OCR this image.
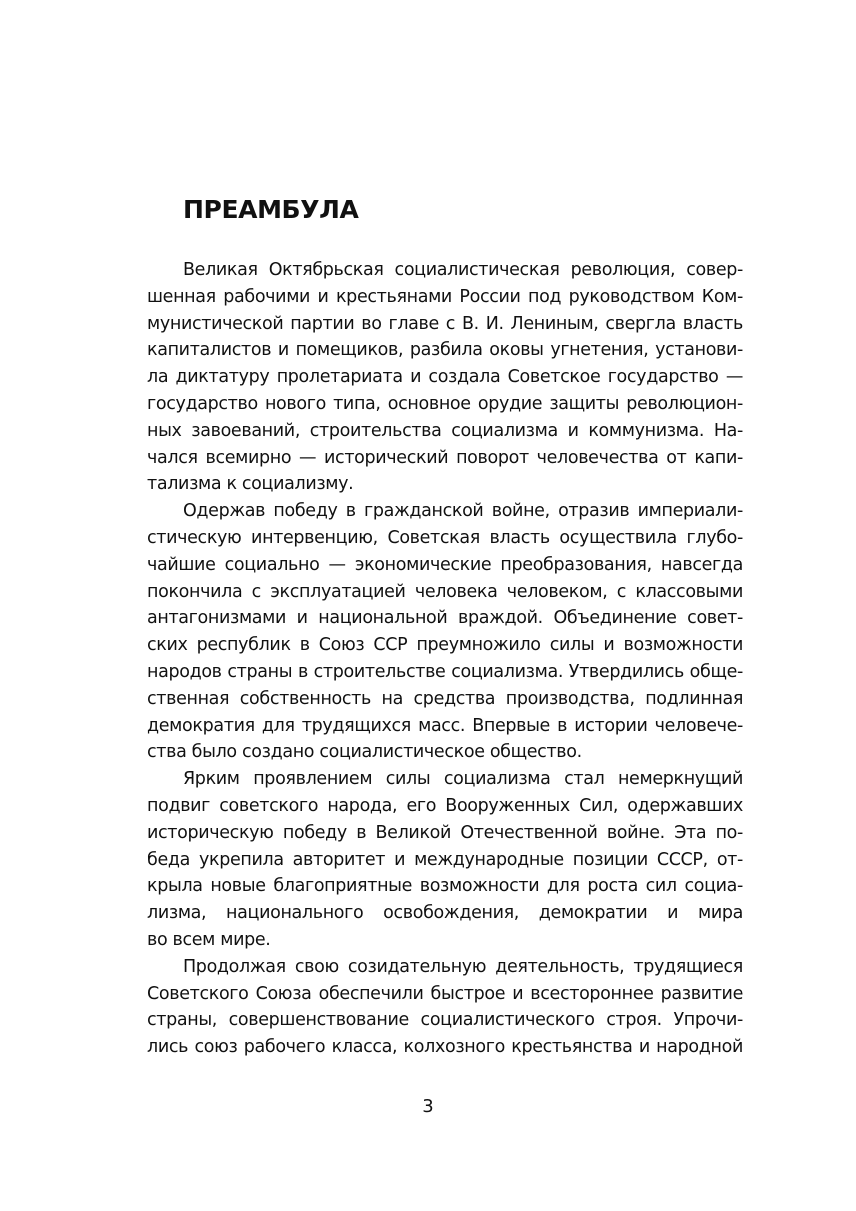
ПРЕАМБУЛА
Великая Октябрьская социалистическая революция, совер-
шенная рабочими и крестьянами России под руководством Ком-
мунистической партии во главе с В. И. Лениным, свергла власть
капиталистов и помещиков, разбила оковы угнетения, установи-
ла диктатуру пролетариата и создала Советское государство —
государство нового типа, основное орудие защиты революцион-
ных завоеваний, строительства социализма и коммунизма. На-
чался всемирно — исторический поворот человечества от капи-
тализма к социализму.
Одержав победу в гражданской войне, отразив империали-
стическую интервенцию, Советская власть осуществила глубо-
чайшие социально — экономические преобразования, навсегда
покончила с эксплуатацией человека человеком, с классовыми
антагонизмами и национальной враждой. Объединение совет-
ских республик в Союз ССР преумножило силы и возможности
народов страны в строительстве социализма. Утвердились обще-
ственная собственность на средства производства, подлинная
демократия для трудящихся масс. Впервые в истории человече-
ства было создано социалистическое общество.
Ярким проявлением силы социализма стал немеркнущий
подвиг советского народа, его Вооруженных Сил, одержавших
историческую победу в Великой Отечественной войне. Эта по-
беда укрепила авторитет и международные позиции СССР, от-
крыла новые благоприятные возможности для роста сил социа-
лизма, национального освобождения, демократии и мира
во всем мире.
Продолжая свою созидательную деятельность, трудящиеся
Советского Союза обеспечили быстрое и всестороннее развитие
страны, совершенствование социалистического строя. Упрочи-
лись союз рабочего класса, колхозного крестьянства и народной
3
